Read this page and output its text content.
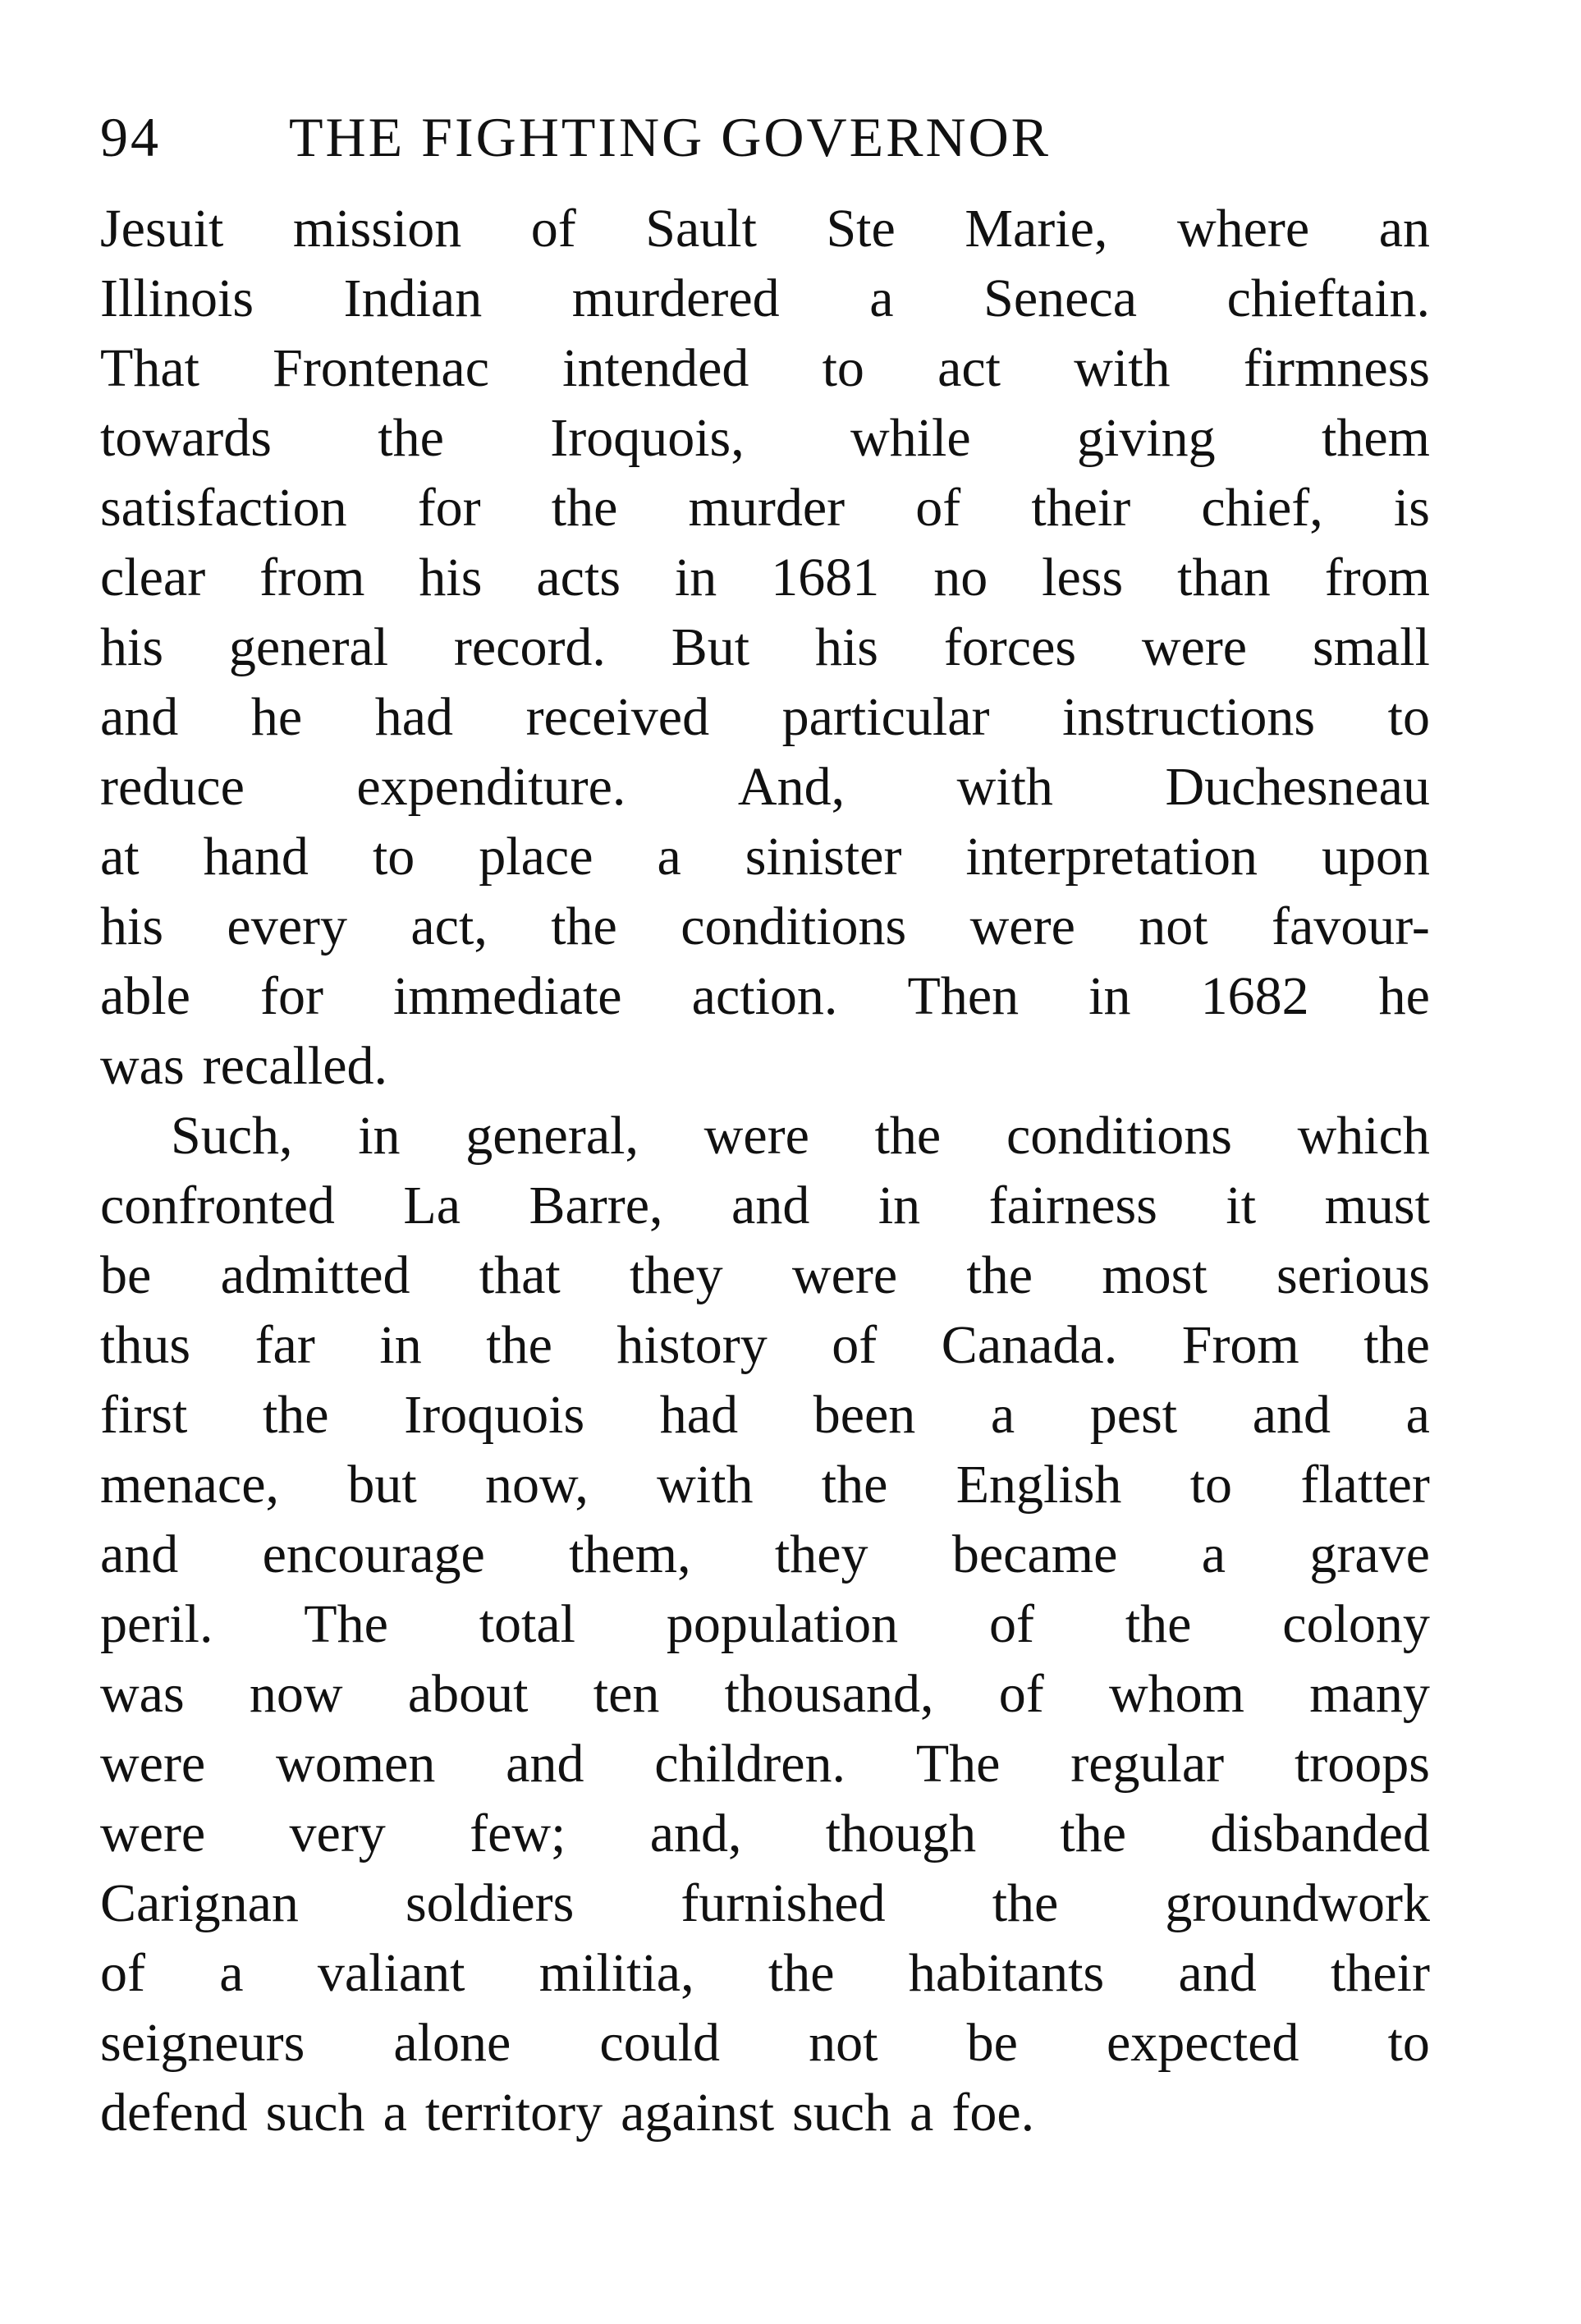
94	THE FIGHTING GOVERNOR
Jesuit mission of Sault Ste Marie, where an
Illinois Indian murdered a Seneca chieftain.
That Frontenac intended to act with firmness
towards the Iroquois, while giving them
satisfaction for the murder of their chief, is
clear from his acts in 1681 no less than from
his general record. But his forces were small
and he had received particular instructions to
reduce expenditure. And, with Duchesneau
at hand to place a sinister interpretation upon
his every act, the conditions were not favour-
able for immediate action. Then in 1682 he
was recalled.
Such, in general, were the conditions which
confronted La Barre, and in fairness it must
be admitted that they were the most serious
thus far in the history of Canada. From the
first the Iroquois had been a pest and a
menace, but now, with the English to flatter
and encourage them, they became a grave
peril. The total population of the colony
was now about ten thousand, of whom many
were women and children. The regular troops
were very few; and, though the disbanded
Carignan soldiers furnished the groundwork
of a valiant militia, the habitants and their
seigneurs alone could not be expected to
defend such a territory against such a foe.
